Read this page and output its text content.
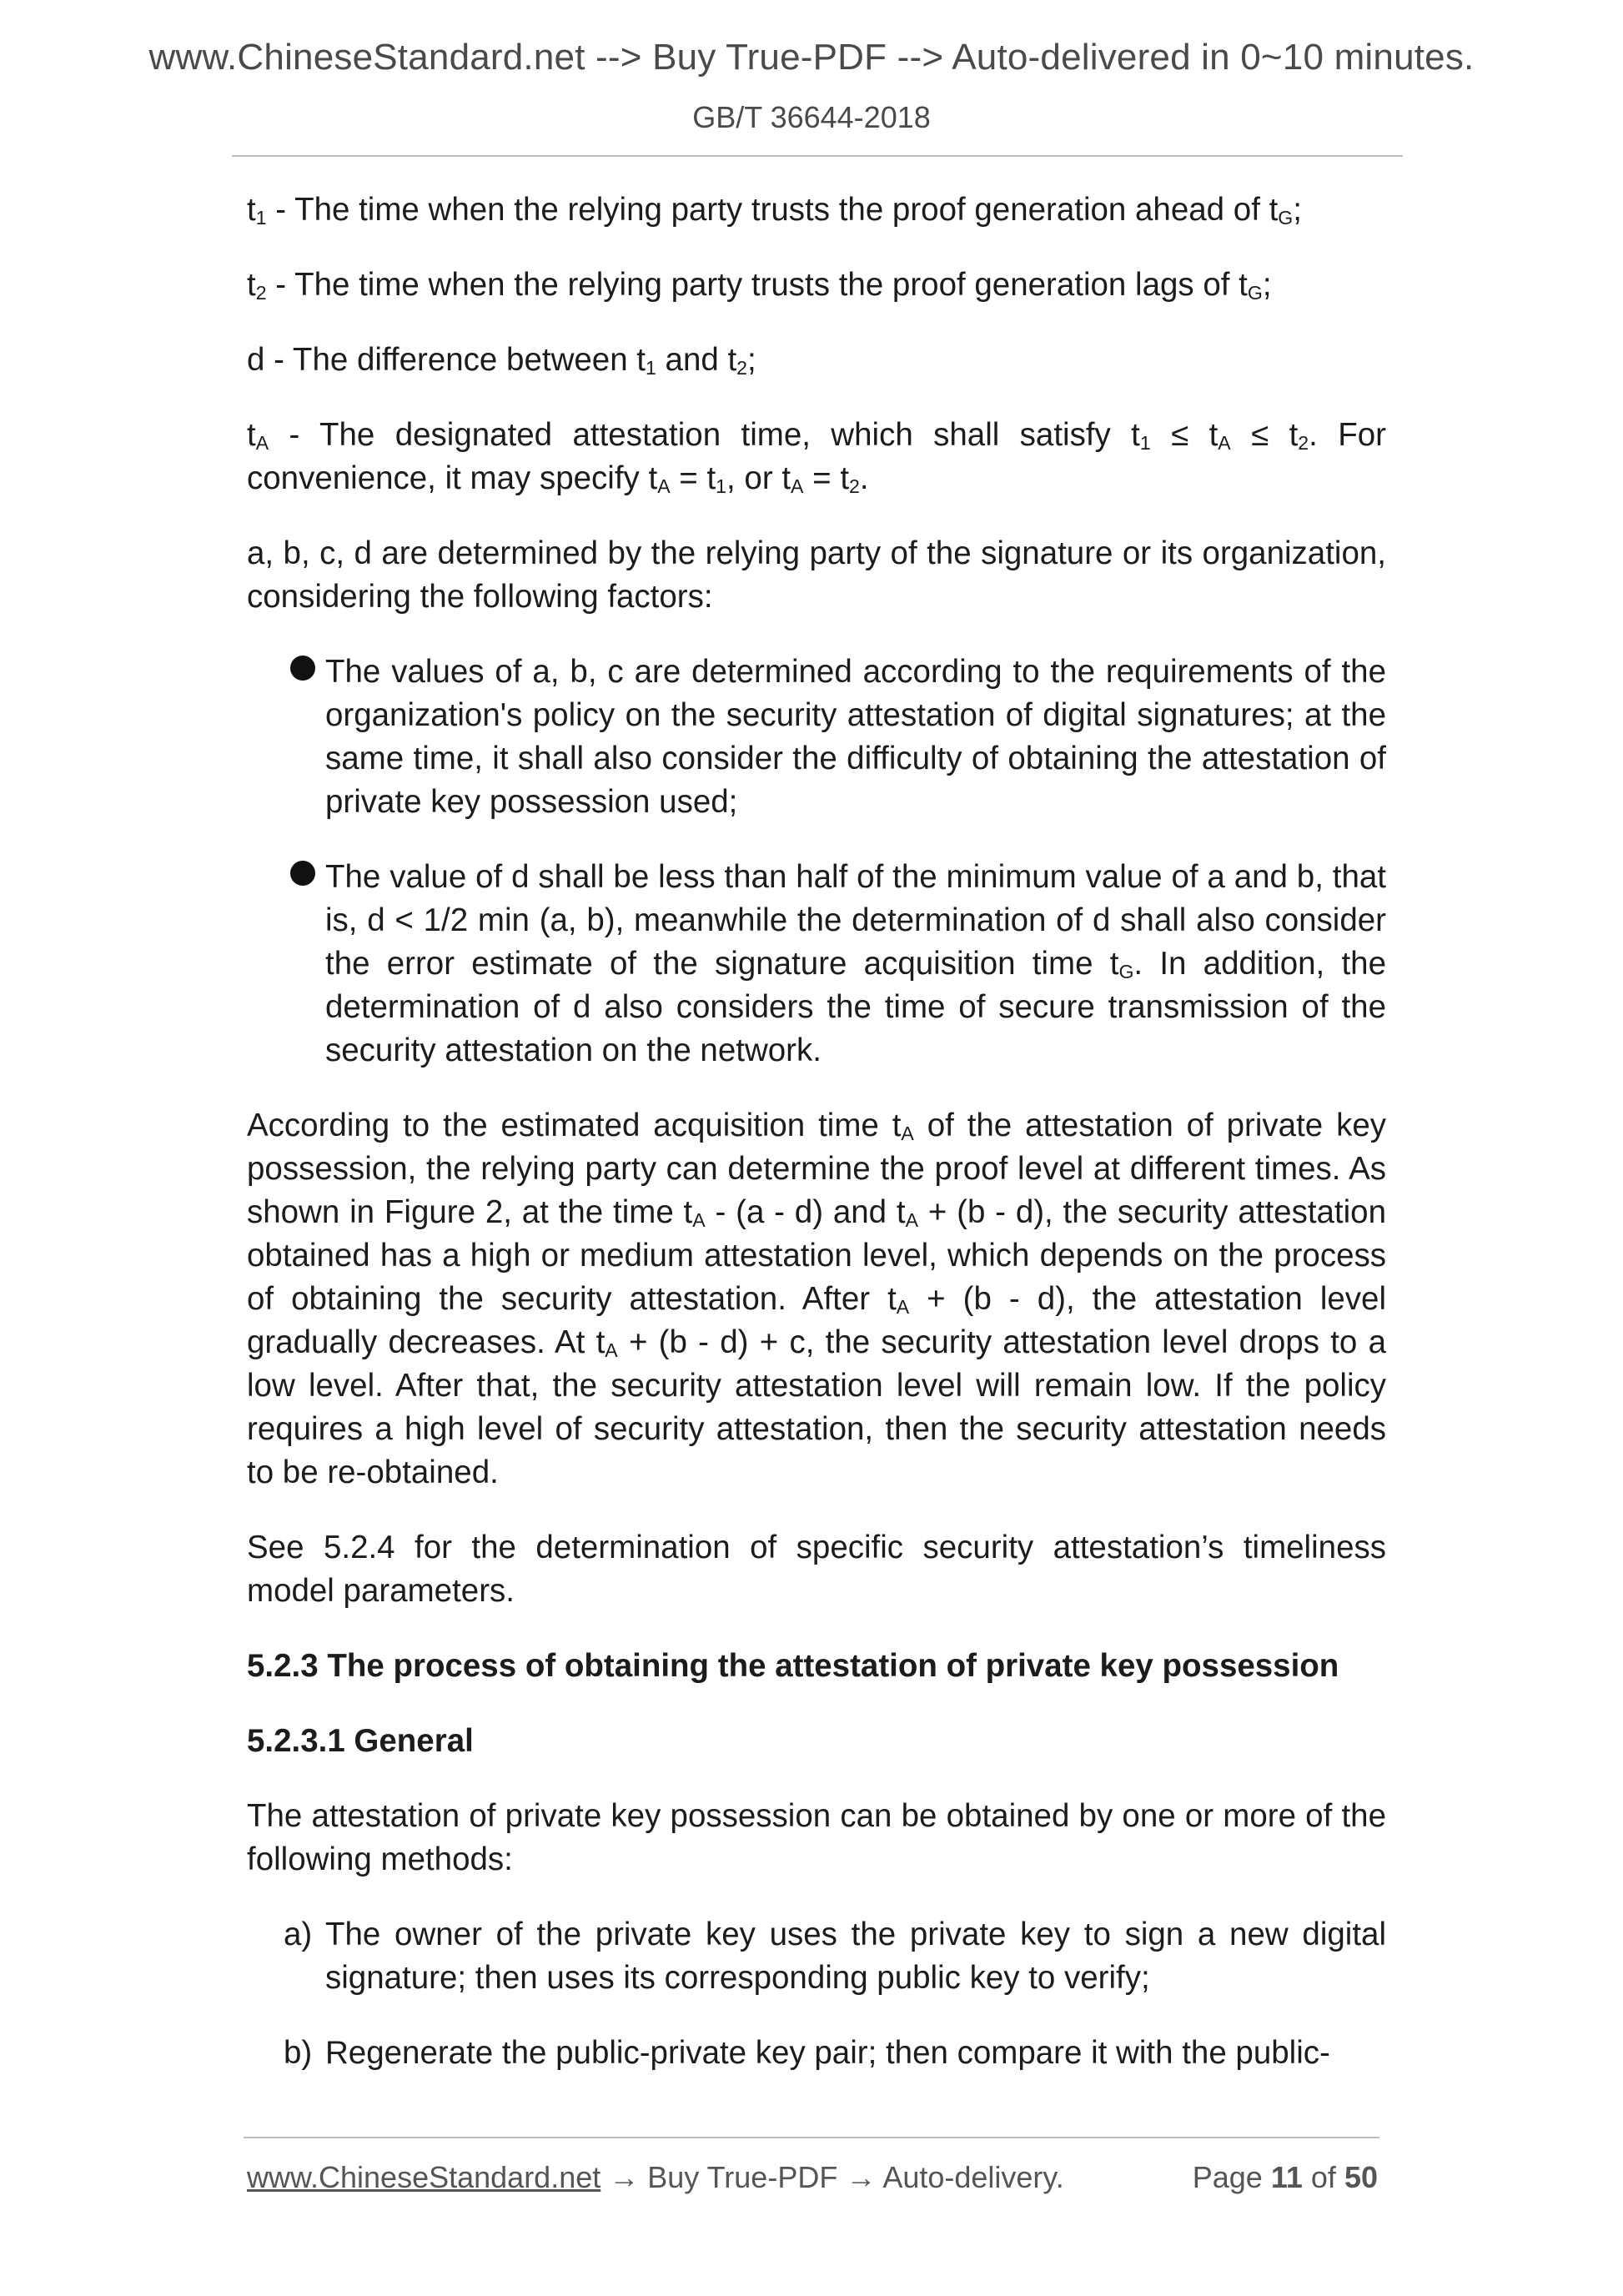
www.ChineseStandard.net --> Buy True-PDF --> Auto-delivered in 0~10 minutes.
GB/T 36644-2018

$t_1$ - The time when the relying party trusts the proof generation ahead of $t_G$;

$t_2$ - The time when the relying party trusts the proof generation lags of $t_G$;

d - The difference between $t_1$ and $t_2$;

$t_A$ - The designated attestation time, which shall satisfy $t_1 \le t_A \le t_2$. For convenience, it may specify $t_A = t_1$, or $t_A = t_2$.

a, b, c, d are determined by the relying party of the signature or its organization, considering the following factors:

The values of a, b, c are determined according to the requirements of the organization's policy on the security attestation of digital signatures; at the same time, it shall also consider the difficulty of obtaining the attestation of private key possession used;
The value of d shall be less than half of the minimum value of a and b, that is, d < 1/2 min (a, b), meanwhile the determination of d shall also consider the error estimate of the signature acquisition time $t_G$. In addition, the determination of d also considers the time of secure transmission of the security attestation on the network.

According to the estimated acquisition time $t_A$ of the attestation of private key possession, the relying party can determine the proof level at different times. As shown in Figure 2, at the time $t_A - (a - d)$ and $t_A + (b - d)$, the security attestation obtained has a high or medium attestation level, which depends on the process of obtaining the security attestation. After $t_A + (b - d)$, the attestation level gradually decreases. At $t_A + (b - d) + c$, the security attestation level drops to a low level. After that, the security attestation level will remain low. If the policy requires a high level of security attestation, then the security attestation needs to be re-obtained.

See 5.2.4 for the determination of specific security attestation’s timeliness model parameters.

5.2.3 The process of obtaining the attestation of private key possession
5.2.3.1 General

The attestation of private key possession can be obtained by one or more of the following methods:

a) The owner of the private key uses the private key to sign a new digital signature; then uses its corresponding public key to verify;
b) Regenerate the public-private key pair; then compare it with the public-
www.ChineseStandard.net → Buy True-PDF → Auto-delivery.	Page 11 of 50
